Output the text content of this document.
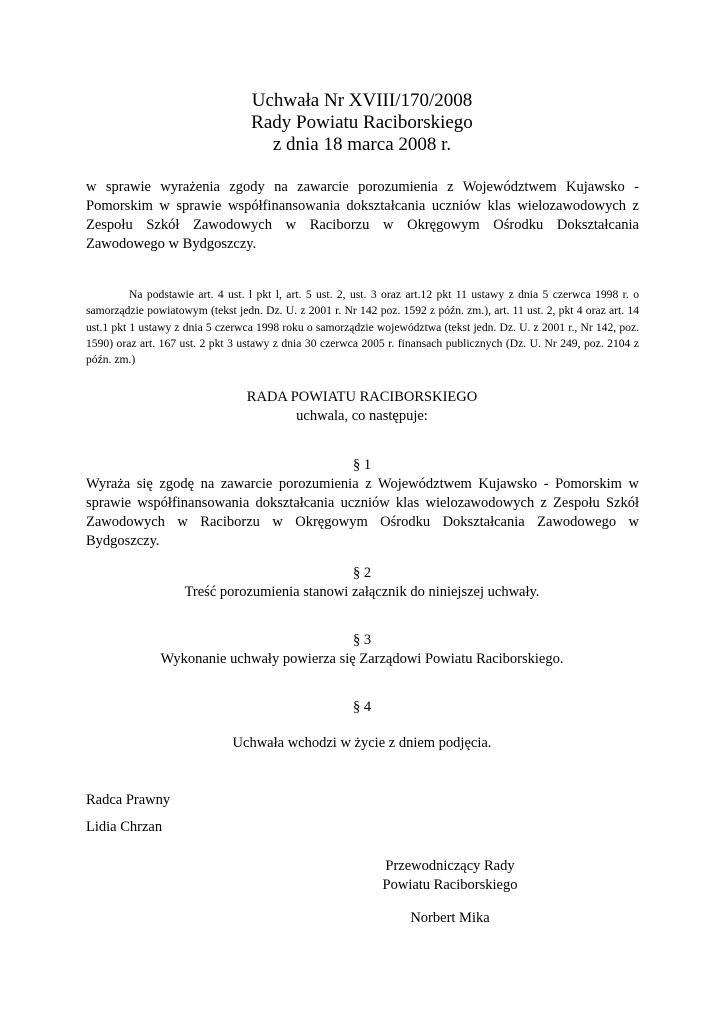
Uchwała Nr XVIII/170/2008
Rady Powiatu Raciborskiego
z dnia 18 marca 2008 r.
w sprawie wyrażenia zgody na zawarcie porozumienia z Województwem Kujawsko - Pomorskim w sprawie współfinansowania dokształcania uczniów klas wielozawodowych z Zespołu Szkół Zawodowych w Raciborzu w Okręgowym Ośrodku Dokształcania Zawodowego w Bydgoszczy.
Na podstawie art. 4 ust. l pkt l, art. 5 ust. 2, ust. 3 oraz art.12 pkt 11 ustawy z dnia 5 czerwca 1998 r. o samorządzie powiatowym (tekst jedn. Dz. U. z 2001 r. Nr 142 poz. 1592 z późn. zm.), art. 11 ust. 2, pkt 4 oraz art. 14 ust.1 pkt 1 ustawy z dnia 5 czerwca 1998 roku o samorządzie województwa (tekst jedn. Dz. U. z 2001 r., Nr 142, poz. 1590) oraz art. 167 ust. 2 pkt 3 ustawy z dnia 30 czerwca 2005 r. finansach publicznych (Dz. U. Nr 249, poz. 2104 z późn. zm.)
RADA POWIATU RACIBORSKIEGO
uchwala, co następuje:
§ 1
Wyraża się zgodę na zawarcie porozumienia z Województwem Kujawsko - Pomorskim w sprawie współfinansowania dokształcania uczniów klas wielozawodowych z Zespołu Szkół Zawodowych w Raciborzu w Okręgowym Ośrodku Dokształcania Zawodowego w Bydgoszczy.
§ 2
Treść porozumienia stanowi załącznik do niniejszej uchwały.
§ 3
Wykonanie uchwały powierza się Zarządowi Powiatu Raciborskiego.
§ 4
Uchwała wchodzi w życie z dniem podjęcia.
Radca Prawny
Lidia Chrzan
Przewodniczący Rady
Powiatu Raciborskiego
Norbert Mika
